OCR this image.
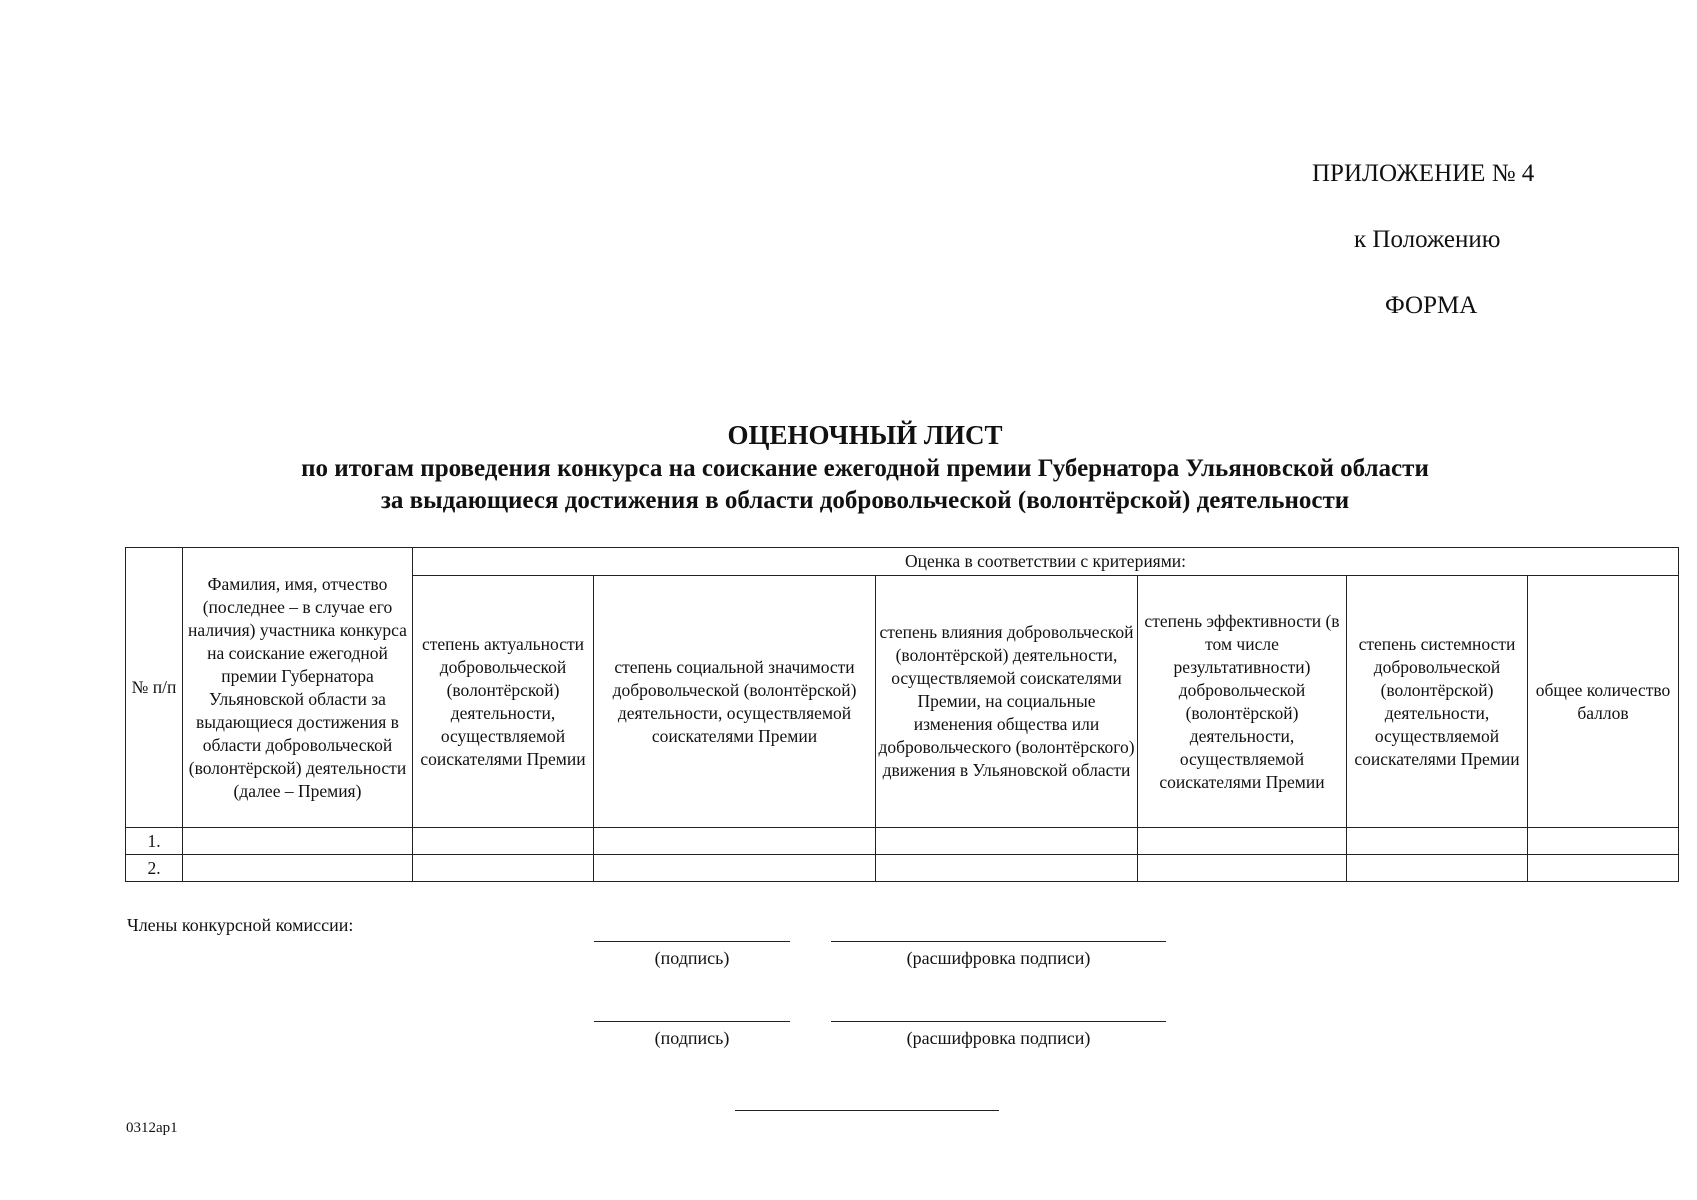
ПРИЛОЖЕНИЕ № 4
к Положению
ФОРМА
ОЦЕНОЧНЫЙ ЛИСТ
по итогам проведения конкурса на соискание ежегодной премии Губернатора Ульяновской области
за выдающиеся достижения в области добровольческой (волонтёрской) деятельности
№ п/п	Фамилия, имя, отчество (последнее – в случае его наличия) участника конкурса на соискание ежегодной премии Губернатора Ульяновской области за выдающиеся достижения в области добровольческой (волонтёрской) деятельности (далее – Премия)	Оценка в соответствии с критериями:					
		степень актуальности добровольческой (волонтёрской) деятельности, осуществляемой соискателями Премии	степень социальной значимости добровольческой (волонтёрской) деятельности, осуществляемой соискателями Премии	степень влияния добровольческой (волонтёрской) деятельности, осуществляемой соискателями Премии, на социальные изменения общества или добровольческого (волонтёрского) движения в Ульяновской области	степень эффективности (в том числе результативности) добровольческой (волонтёрской) деятельности, осуществляемой соискателями Премии	степень системности добровольческой (волонтёрской) деятельности, осуществляемой соискателями Премии	общее количество баллов
1.							
2.							
Члены конкурсной комиссии:
(подпись)	(расшифровка подписи)
(подпись)	(расшифровка подписи)
0312ap1
